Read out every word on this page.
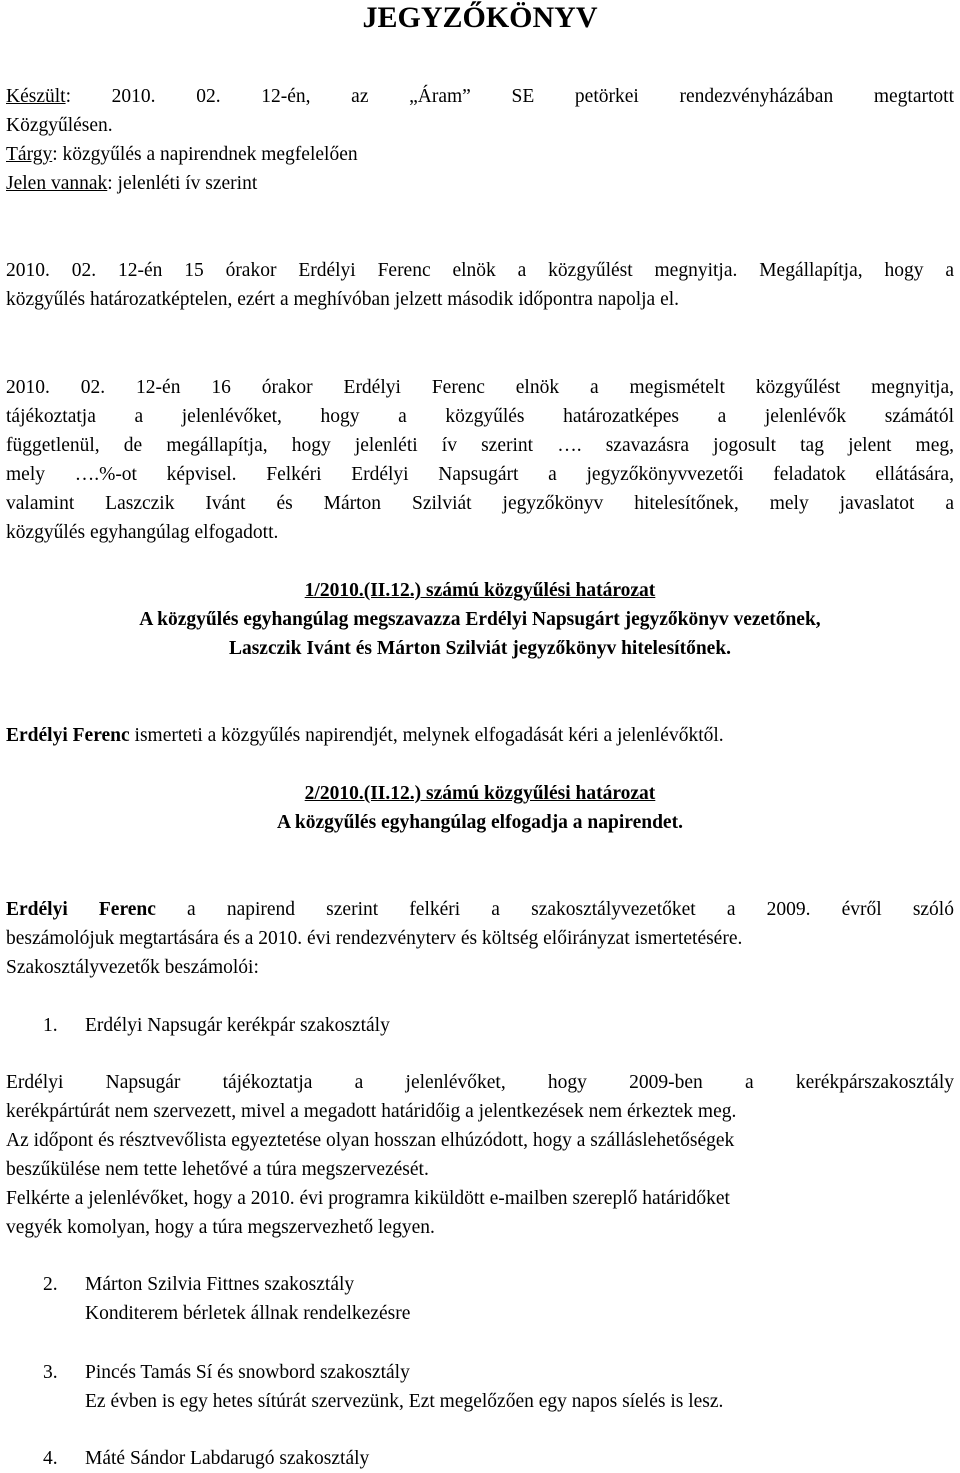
JEGYZŐKÖNYV
Készült: 2010. 02. 12-én, az „Áram” SE petörkei rendezvényházában megtartott
Közgyűlésen.
Tárgy: közgyűlés a napirendnek megfelelően
Jelen vannak: jelenléti ív szerint
2010. 02. 12-én 15 órakor Erdélyi Ferenc elnök a közgyűlést megnyitja. Megállapítja, hogy a
közgyűlés határozatképtelen, ezért a meghívóban jelzett második időpontra napolja el.
2010. 02. 12-én 16 órakor Erdélyi Ferenc elnök a megismételt közgyűlést megnyitja,
tájékoztatja a jelenlévőket, hogy a közgyűlés határozatképes a jelenlévők számától
függetlenül, de megállapítja, hogy jelenléti ív szerint …. szavazásra jogosult tag jelent meg,
mely ….%-ot képvisel. Felkéri Erdélyi Napsugárt a jegyzőkönyvvezetői feladatok ellátására,
valamint Laszczik Ivánt és Márton Szilviát jegyzőkönyv hitelesítőnek, mely javaslatot a
közgyűlés egyhangúlag elfogadott.
1/2010.(II.12.) számú közgyűlési határozat
A közgyűlés egyhangúlag megszavazza Erdélyi Napsugárt jegyzőkönyv vezetőnek,
Laszczik Ivánt és Márton Szilviát jegyzőkönyv hitelesítőnek.
Erdélyi Ferenc ismerteti a közgyűlés napirendjét, melynek elfogadását kéri a jelenlévőktől.
2/2010.(II.12.) számú közgyűlési határozat
A közgyűlés egyhangúlag elfogadja a napirendet.
Erdélyi Ferenc a napirend szerint felkéri a szakosztályvezetőket a 2009. évről szóló
beszámolójuk megtartására és a 2010. évi rendezvényterv és költség előirányzat ismertetésére.
Szakosztályvezetők beszámolói:
1. Erdélyi Napsugár kerékpár szakosztály
Erdélyi Napsugár tájékoztatja a jelenlévőket, hogy 2009-ben a kerékpárszakosztály
kerékpártúrát nem szervezett, mivel a megadott határidőig a jelentkezések nem érkeztek meg.
Az időpont és résztvevőlista egyeztetése olyan hosszan elhúzódott, hogy a szálláslehetőségek
beszűkülése nem tette lehetővé a túra megszervezését.
Felkérte a jelenlévőket, hogy a 2010. évi programra kiküldött e-mailben szereplő határidőket
vegyék komolyan, hogy a túra megszervezhető legyen.
2. Márton Szilvia Fittnes szakosztály
Konditerem bérletek állnak rendelkezésre
3. Pincés Tamás Sí és snowbord szakosztály
Ez évben is egy hetes sítúrát szervezünk, Ezt megelőzően egy napos síelés is lesz.
4. Máté Sándor Labdarugó szakosztály
